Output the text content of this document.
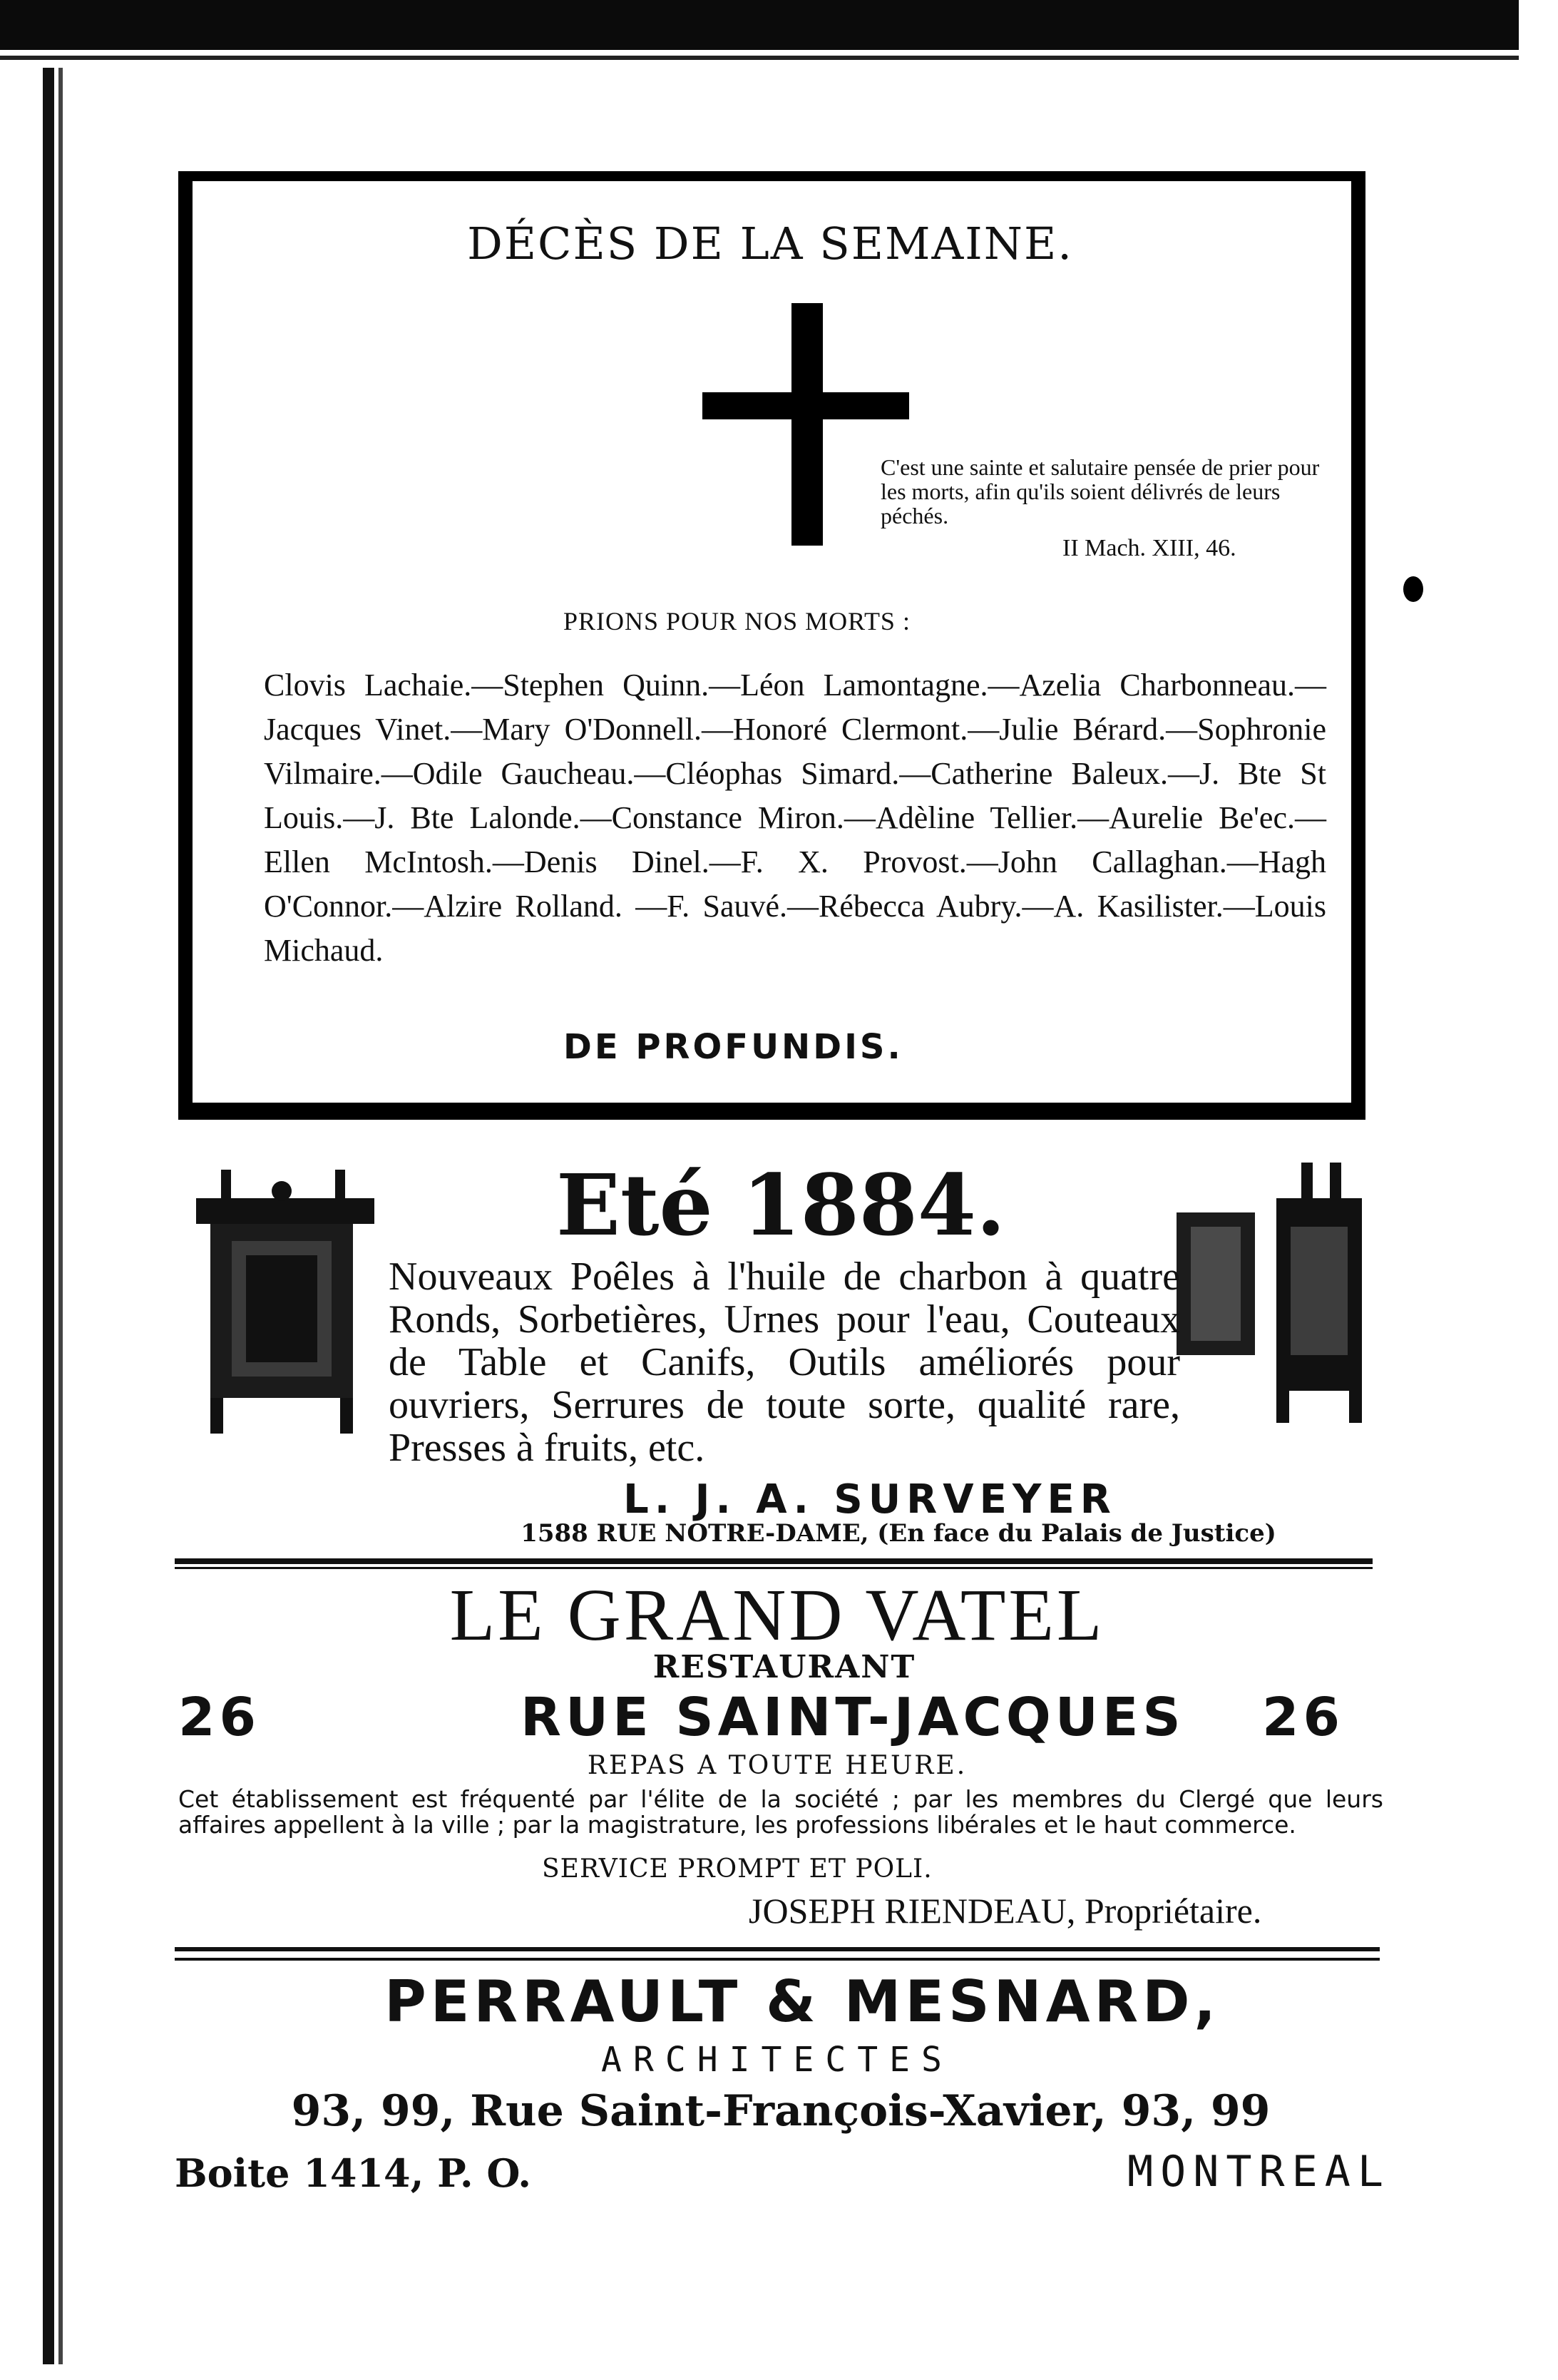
DÉCÈS DE LA SEMAINE.
C'est une sainte et salutaire pensée de prier pour les morts, afin qu'ils soient délivrés de leurs péchés.
II Mach. XIII, 46.
PRIONS POUR NOS MORTS :
Clovis Lachaie.—Stephen Quinn.—Léon Lamontagne.—Azelia Charbonneau.—Jacques Vinet.—Mary O'Donnell.—Honoré Clermont.—Julie Bérard.—Sophronie Vilmaire.—Odile Gaucheau.—Cléophas Simard.—Catherine Baleux.—J. Bte St Louis.—J. Bte Lalonde.—Constance Miron.—Adèline Tellier.—Aurelie Be'ec.—Ellen McIntosh.—Denis Dinel.—F. X. Provost.—John Callaghan.—Hagh O'Connor.—Alzire Rolland. —F. Sauvé.—Rébecca Aubry.—A. Kasilister.—Louis Michaud.
DE PROFUNDIS.
Eté 1884.
Nouveaux Poêles à l'huile de charbon à quatre Ronds, Sorbetières, Urnes pour l'eau, Couteaux de Table et Canifs, Outils améliorés pour ouvriers, Serrures de toute sorte, qualité rare, Presses à fruits, etc.
L. J. A. SURVEYER
1588 RUE NOTRE-DAME, (En face du Palais de Justice)
LE GRAND VATEL
RESTAURANT
26	RUE SAINT-JACQUES 26
REPAS A TOUTE HEURE.
Cet établissement est fréquenté par l'élite de la société ; par les membres du Clergé que leurs affaires appellent à la ville ; par la magistrature, les professions libérales et le haut commerce.
SERVICE PROMPT ET POLI.
JOSEPH RIENDEAU, Propriétaire.
PERRAULT & MESNARD,
ARCHITECTES
93, 99, Rue Saint-François-Xavier, 93, 99
Boite 1414, P. O.	MONTREAL
